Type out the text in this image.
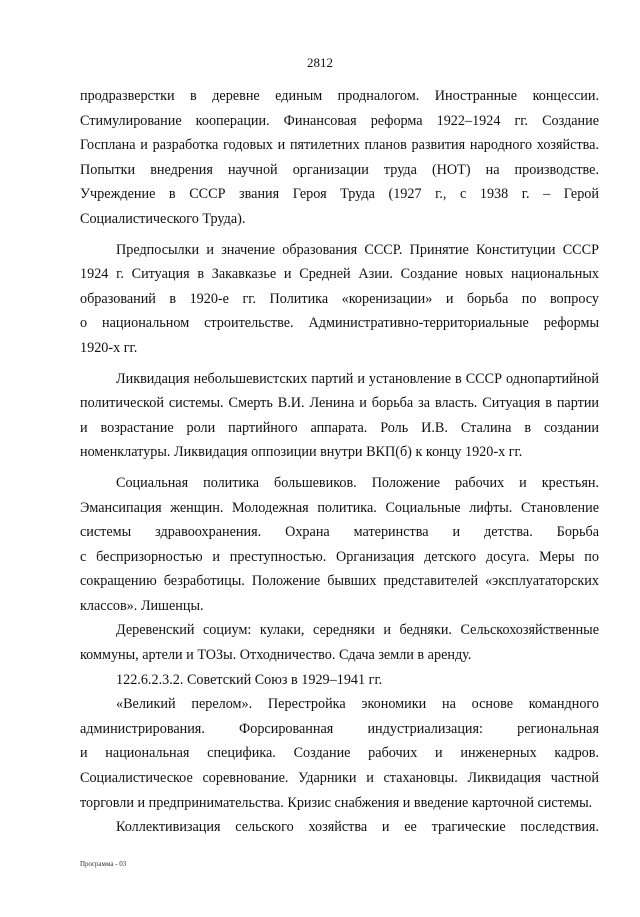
2812
продразверстки в деревне единым продналогом. Иностранные концессии.
Стимулирование кооперации. Финансовая реформа 1922–1924 гг. Создание
Госплана и разработка годовых и пятилетних планов развития народного хозяйства.
Попытки внедрения научной организации труда (НОТ) на производстве.
Учреждение в СССР звания Героя Труда (1927 г., с 1938 г. – Герой
Социалистического Труда).
Предпосылки и значение образования СССР. Принятие Конституции СССР
1924 г. Ситуация в Закавказье и Средней Азии. Создание новых национальных
образований в 1920-е гг. Политика «коренизации» и борьба по вопросу
о национальном строительстве. Административно-территориальные реформы
1920-х гг.
Ликвидация небольшевистских партий и установление в СССР однопартийной
политической системы. Смерть В.И. Ленина и борьба за власть. Ситуация в партии
и возрастание роли партийного аппарата. Роль И.В. Сталина в создании
номенклатуры. Ликвидация оппозиции внутри ВКП(б) к концу 1920-х гг.
Социальная политика большевиков. Положение рабочих и крестьян.
Эмансипация женщин. Молодежная политика. Социальные лифты. Становление
системы здравоохранения. Охрана материнства и детства. Борьба
с беспризорностью и преступностью. Организация детского досуга. Меры по
сокращению безработицы. Положение бывших представителей «эксплуататорских
классов». Лишенцы.
Деревенский социум: кулаки, середняки и бедняки. Сельскохозяйственные
коммуны, артели и ТОЗы. Отходничество. Сдача земли в аренду.
122.6.2.3.2. Советский Союз в 1929–1941 гг.
«Великий перелом». Перестройка экономики на основе командного
администрирования. Форсированная индустриализация: региональная
и национальная специфика. Создание рабочих и инженерных кадров.
Социалистическое соревнование. Ударники и стахановцы. Ликвидация частной
торговли и предпринимательства. Кризис снабжения и введение карточной системы.
Коллективизация сельского хозяйства и ее трагические последствия.
Программа - 03
